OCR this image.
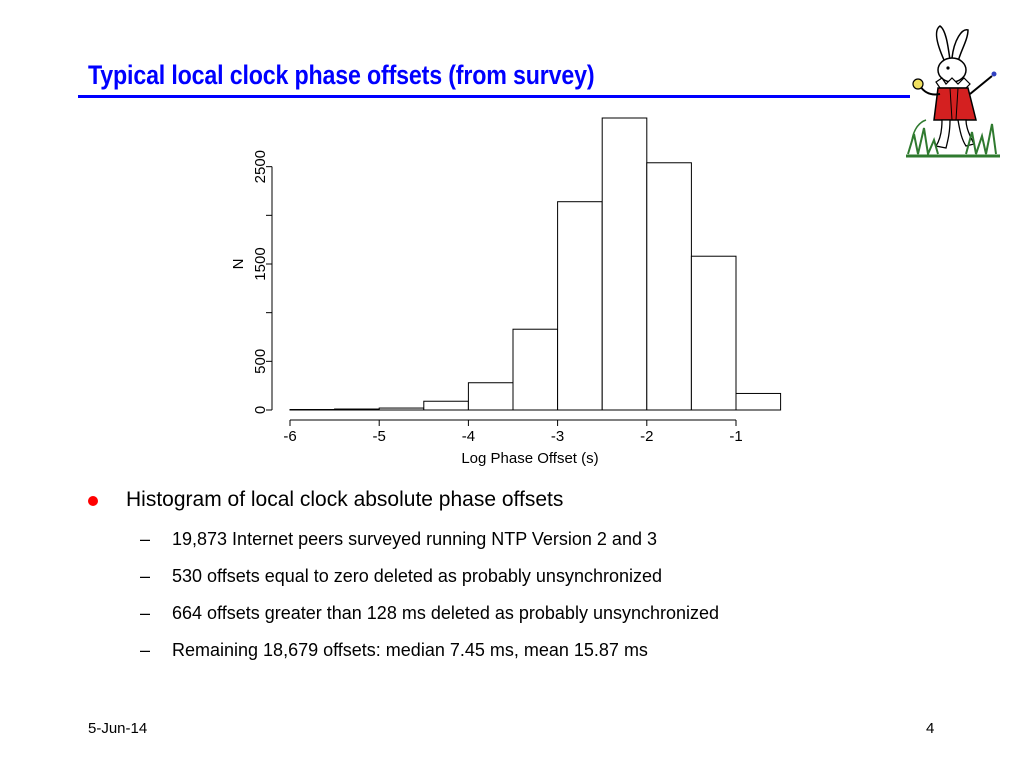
Typical local clock phase offsets (from survey)
-6	-5	-4	-3	-2	-1
Log Phase Offset (s)
0
500
1500
2500
N
Histogram of local clock absolute phase offsets
–	19,873 Internet peers surveyed running NTP Version 2 and 3
–	530 offsets equal to zero deleted as probably unsynchronized
–	664 offsets greater than 128 ms deleted as probably unsynchronized
–	Remaining 18,679 offsets: median 7.45 ms, mean 15.87 ms
5-Jun-14	4
